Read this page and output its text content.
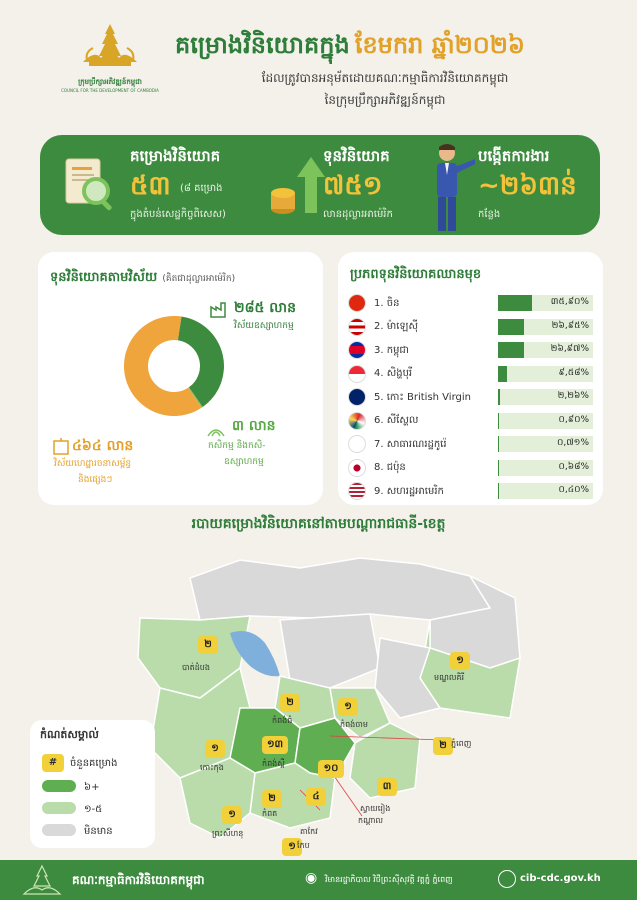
ក្រុមប្រឹក្សាអភិវឌ្ឍន៍កម្ពុជា
COUNCIL FOR THE DEVELOPMENT OF CAMBODIA
គម្រោងវិនិយោគក្នុង ខែមករា ឆ្នាំ២០២៦
ដែលត្រូវបានអនុម័តដោយគណៈកម្មាធិការវិនិយោគកម្ពុជា
នៃក្រុមប្រឹក្សាអភិវឌ្ឍន៍កម្ពុជា
គម្រោងវិនិយោគ
៥៣ (៨ គម្រោង
ក្នុងតំបន់សេដ្ឋកិច្ចពិសេស)
ទុនវិនិយោគ
៧៥១
លានដុល្លារអាម៉េរិក
បង្កើតការងារ
~២៦៣ន់
កន្លែង
ទុនវិនិយោគតាមវិស័យ (គិតជាដុល្លារអាម៉េរិក)
២៨៥ លាន
វិស័យឧស្សាហកម្ម
៤៦៤ លាន
វិស័យហេដ្ឋារចនាសម្ព័ន្ធ
និងផ្សេងៗ
៣ លាន
កសិកម្ម និងកសិ-
ឧស្សាហកម្ម
ប្រភពទុនវិនិយោគឈានមុខ
1. ចិន	៣៥,៩០%
2. ម៉ាឡេស៊ី	២៦,៩៥%
3. កម្ពុជា	២៦,៩៧%
4. សិង្ហបុរី	៩,៥៨%
5. កោះ British Virgin	២,២៦%
6. សីស្ហែល	០,៩០%
7. សាធារណរដ្ឋកូរ៉េ	០,៧១%
8. ជប៉ុន	០,៦៨%
9. សហរដ្ឋអាមេរិក	០,៤០%
របាយគម្រោងវិនិយោគនៅតាមបណ្តារាជធានី-ខេត្ត
២
បាត់ដំបង
១
មណ្ឌលគិរី
២
កំពង់ធំ
១
កំពង់ចាម
២ ភ្នំពេញ
១
កោះកុង
១៣
កំពង់ស្ពឺ	១០
កណ្ដាល
៣
ស្វាយរៀង
១
ព្រះសីហនុ
៤
តាកែវ
២
កំពត
១ កែប
កំណត់សម្គាល់
#	ចំនួនគម្រោង
៦+
១-៥
មិនមាន
គណៈកម្មាធិការវិនិយោគកម្ពុជា	◉ វិមានរដ្ឋាភិបាល វិថីព្រះស៊ីសុវត្ថិ វត្តភ្នំ ភ្នំពេញ	cib-cdc.gov.kh
